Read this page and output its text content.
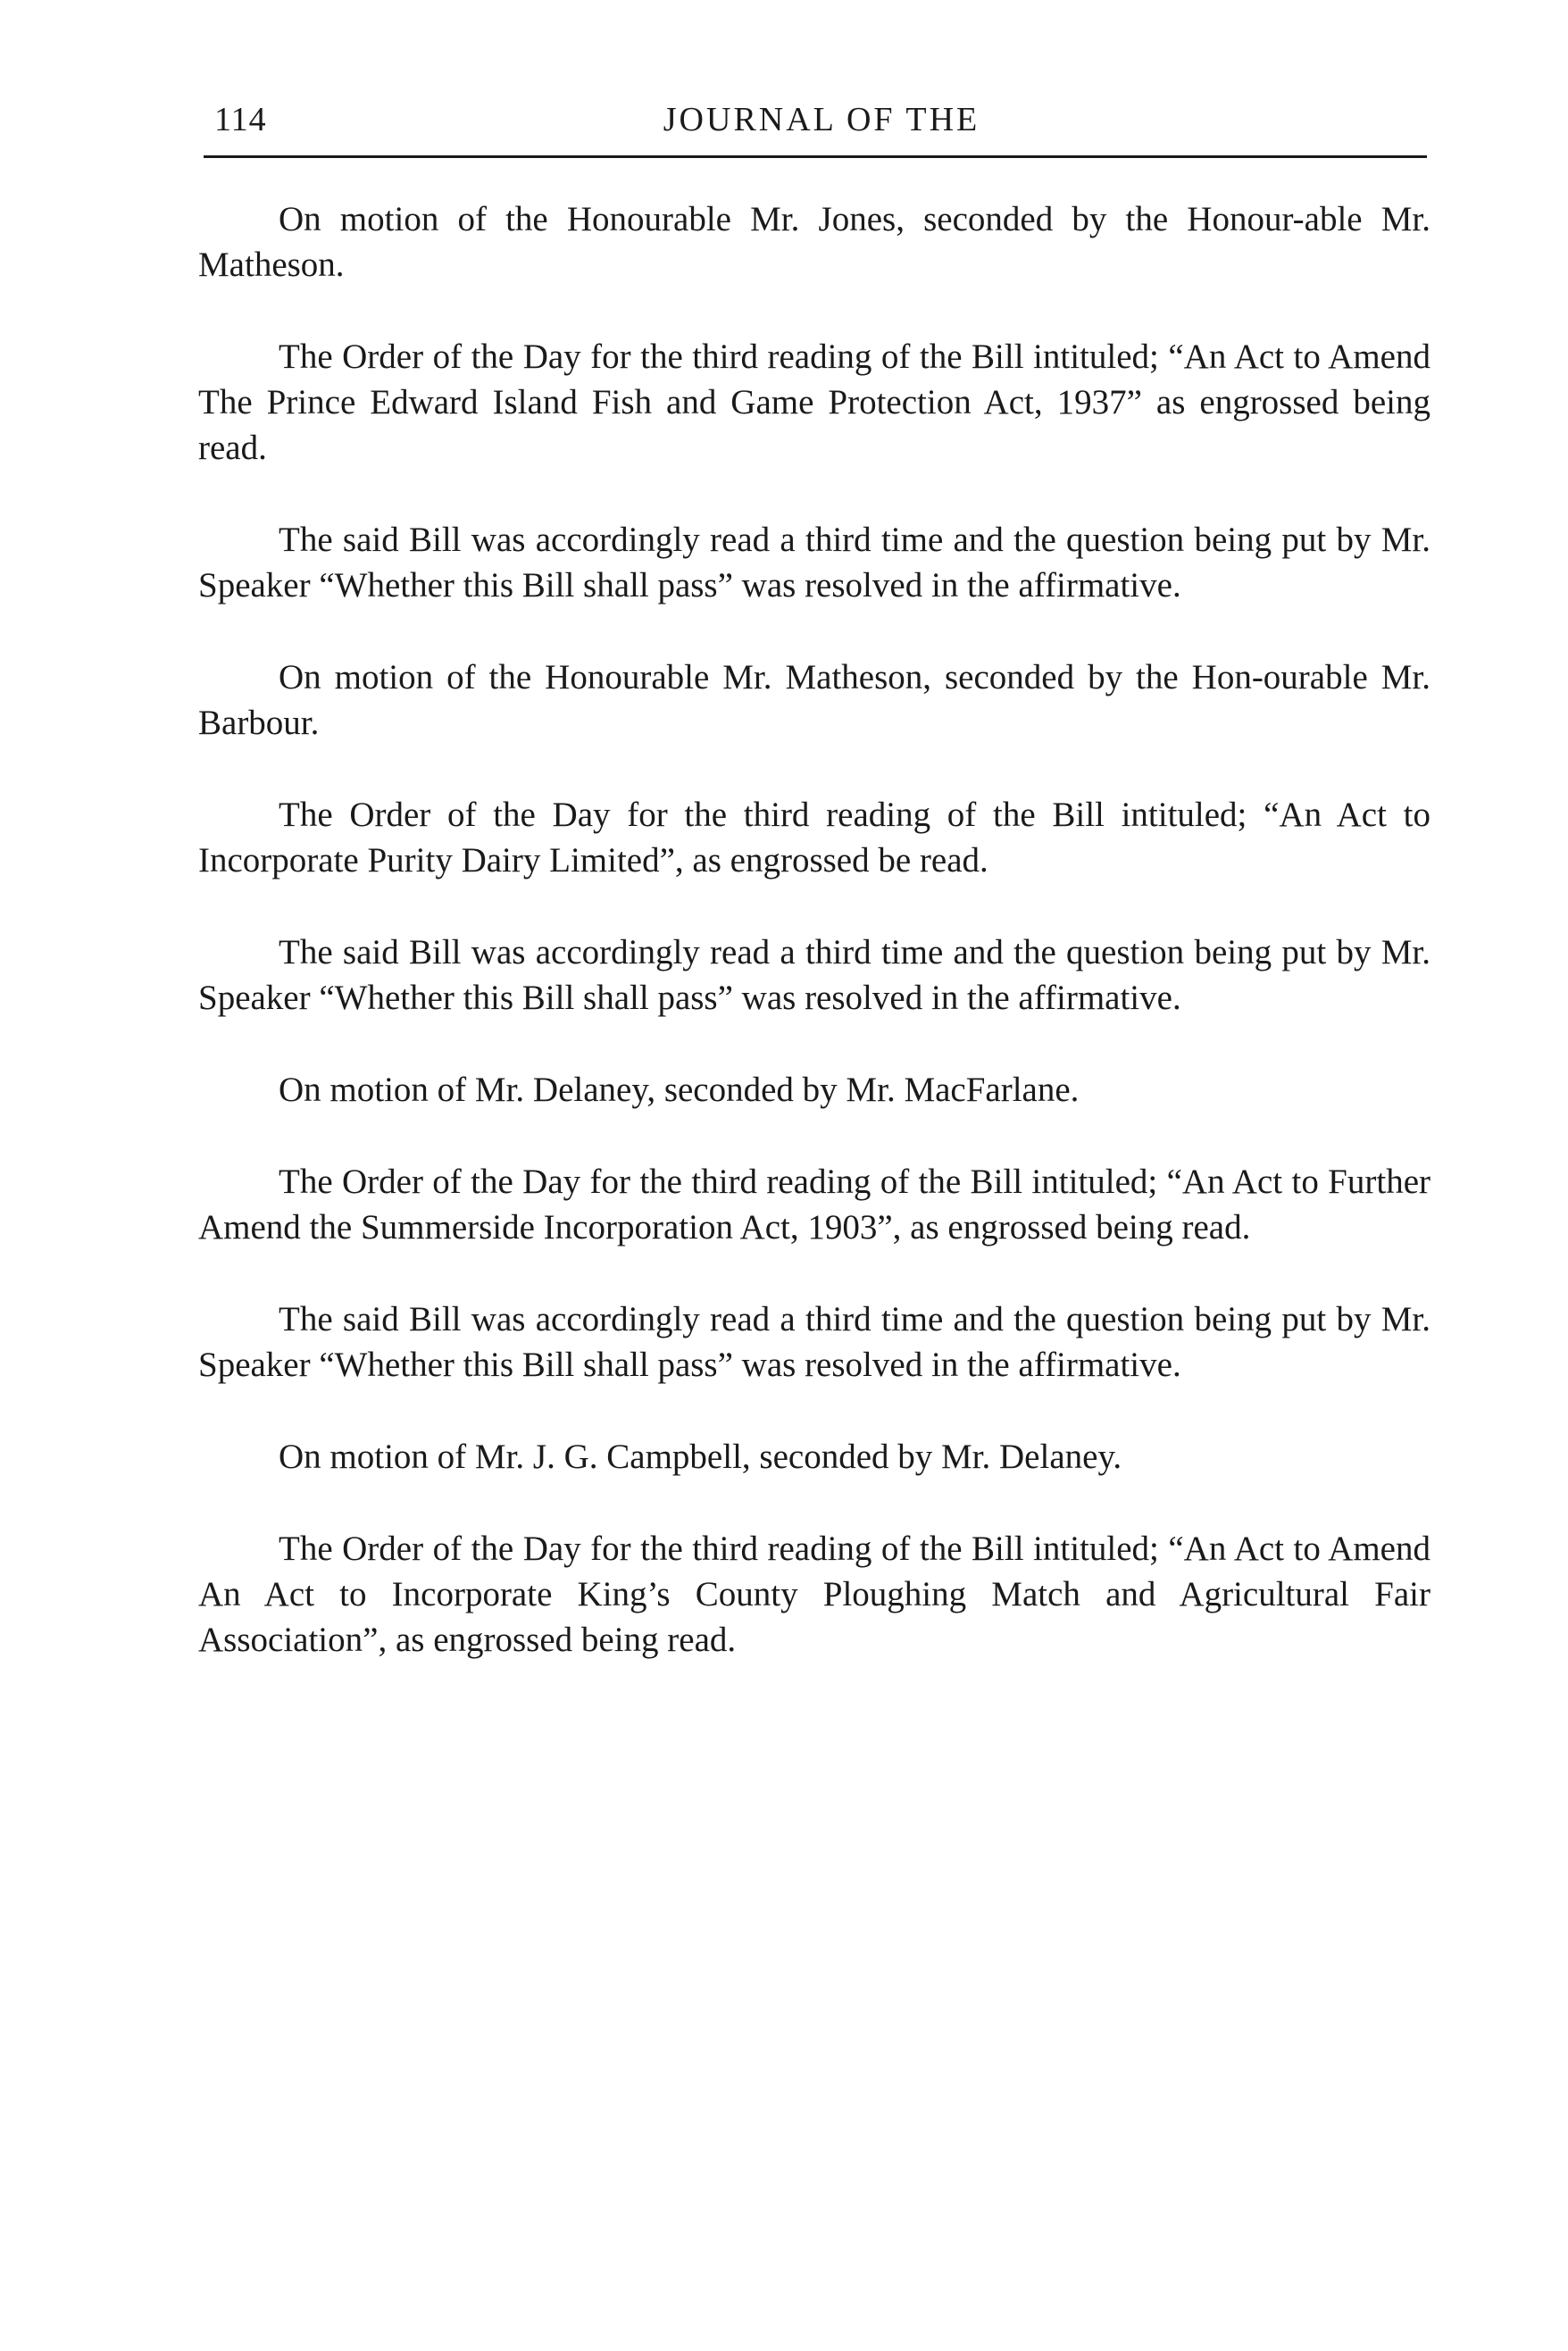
114	JOURNAL OF THE

On motion of the Honourable Mr. Jones, seconded by the Honour-able Mr. Matheson.

The Order of the Day for the third reading of the Bill intituled; “An Act to Amend The Prince Edward Island Fish and Game Protection Act, 1937” as engrossed being read.

The said Bill was accordingly read a third time and the question being put by Mr. Speaker “Whether this Bill shall pass” was resolved in the affirmative.

On motion of the Honourable Mr. Matheson, seconded by the Hon-ourable Mr. Barbour.

The Order of the Day for the third reading of the Bill intituled; “An Act to Incorporate Purity Dairy Limited”, as engrossed be read.

The said Bill was accordingly read a third time and the question being put by Mr. Speaker “Whether this Bill shall pass” was resolved in the affirmative.

On motion of Mr. Delaney, seconded by Mr. MacFarlane.

The Order of the Day for the third reading of the Bill intituled; “An Act to Further Amend the Summerside Incorporation Act, 1903”, as engrossed being read.

The said Bill was accordingly read a third time and the question being put by Mr. Speaker “Whether this Bill shall pass” was resolved in the affirmative.

On motion of Mr. J. G. Campbell, seconded by Mr. Delaney.

The Order of the Day for the third reading of the Bill intituled; “An Act to Amend An Act to Incorporate King’s County Ploughing Match and Agricultural Fair Association”, as engrossed being read.
